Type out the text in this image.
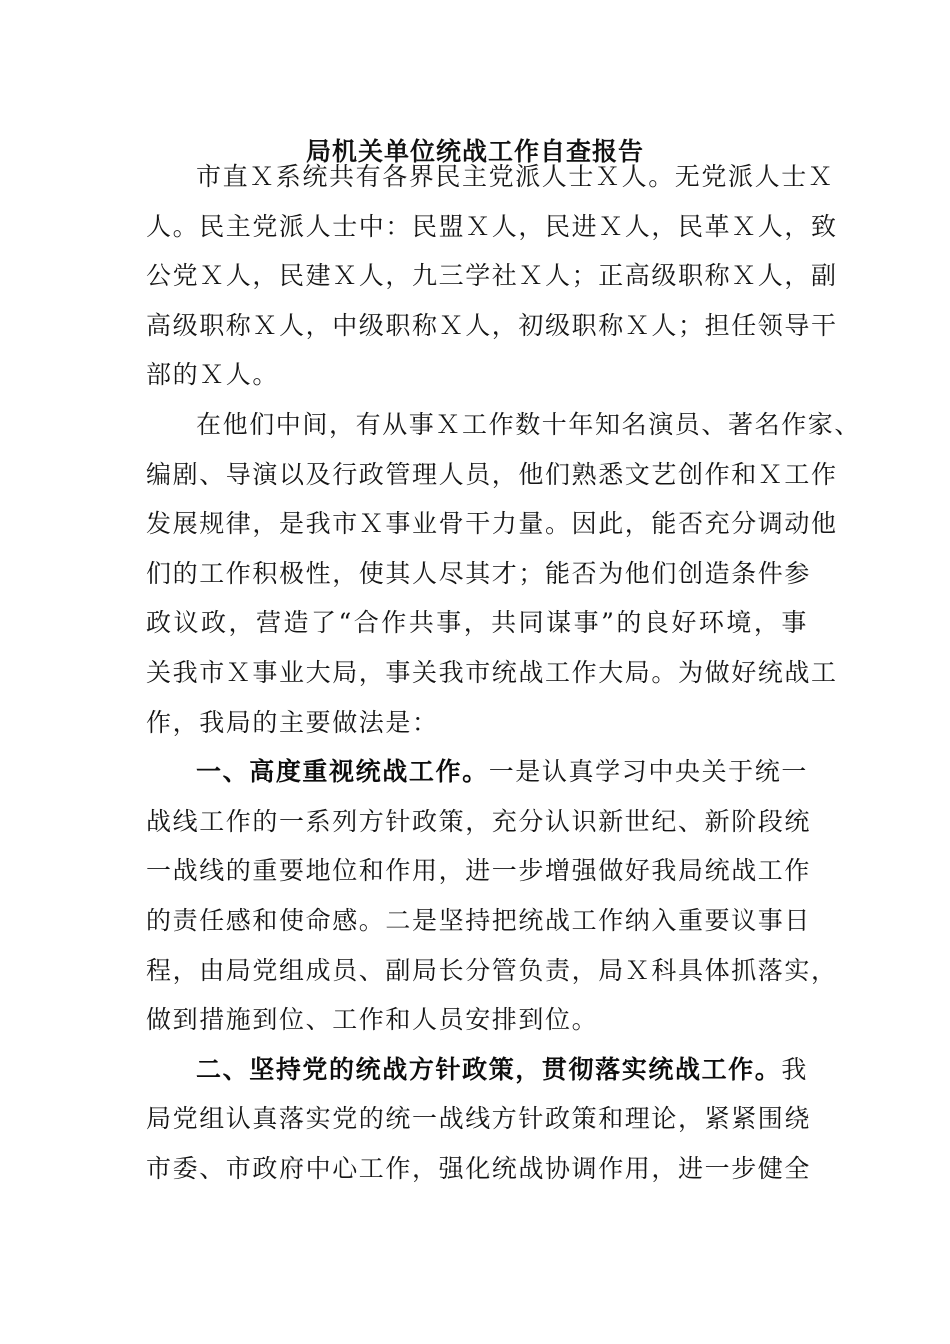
局机关单位统战工作自查报告
市直Ｘ系统共有各界民主党派人士Ｘ人。无党派人士Ｘ
人。民主党派人士中：民盟Ｘ人，民进Ｘ人，民革Ｘ人，致
公党Ｘ人，民建Ｘ人，九三学社Ｘ人；正高级职称Ｘ人，副
高级职称Ｘ人，中级职称Ｘ人，初级职称Ｘ人；担任领导干
部的Ｘ人。
在他们中间，有从事Ｘ工作数十年知名演员、著名作家、
编剧、导演以及行政管理人员，他们熟悉文艺创作和Ｘ工作
发展规律，是我市Ｘ事业骨干力量。因此，能否充分调动他
们的工作积极性，使其人尽其才；能否为他们创造条件参
政议政，营造了“合作共事，共同谋事”的良好环境，事
关我市Ｘ事业大局，事关我市统战工作大局。为做好统战工
作，我局的主要做法是：
一、高度重视统战工作。一是认真学习中央关于统一
战线工作的一系列方针政策，充分认识新世纪、新阶段统
一战线的重要地位和作用，进一步增强做好我局统战工作
的责任感和使命感。二是坚持把统战工作纳入重要议事日
程，由局党组成员、副局长分管负责，局Ｘ科具体抓落实，
做到措施到位、工作和人员安排到位。
二、坚持党的统战方针政策，贯彻落实统战工作。我
局党组认真落实党的统一战线方针政策和理论，紧紧围绕
市委、市政府中心工作，强化统战协调作用，进一步健全
